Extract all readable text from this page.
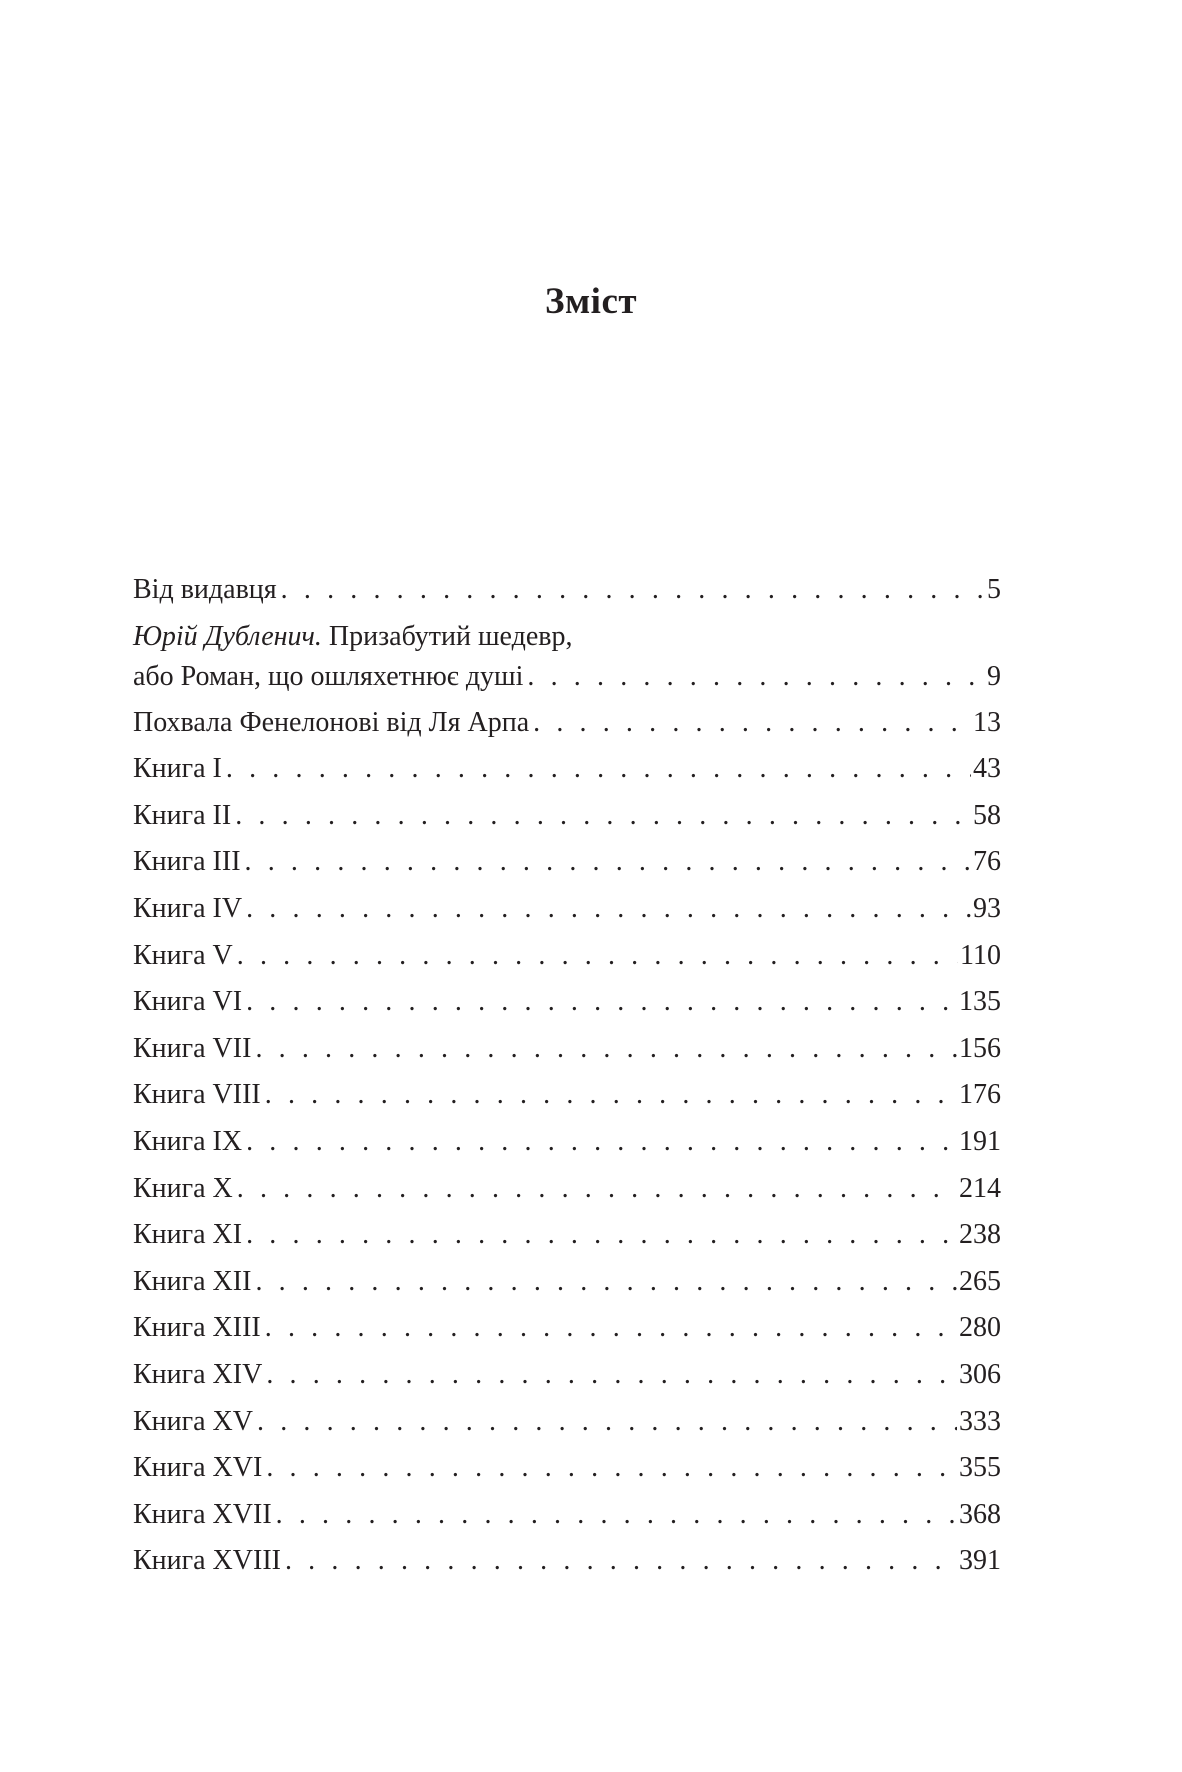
Зміст
Від видавця . . .	5
Юрій Дубленич. Призабутий шедевр,
або Роман, що ошляхетнює душі . . .	9
Похвала Фенелонові від Ля Арпа . . .	13
Книга I . . .	43
Книга II . . .	58
Книга III . . .	76
Книга IV . . .	93
Книга V . . .	110
Книга VI . . .	135
Книга VII . . .	156
Книга VIII . . .	176
Книга IX . . .	191
Книга X . . .	214
Книга XI . . .	238
Книга XII . . .	265
Книга XIII . . .	280
Книга XIV . . .	306
Книга XV . . .	333
Книга XVI . . .	355
Книга XVII . . .	368
Книга XVIII . . .	391
